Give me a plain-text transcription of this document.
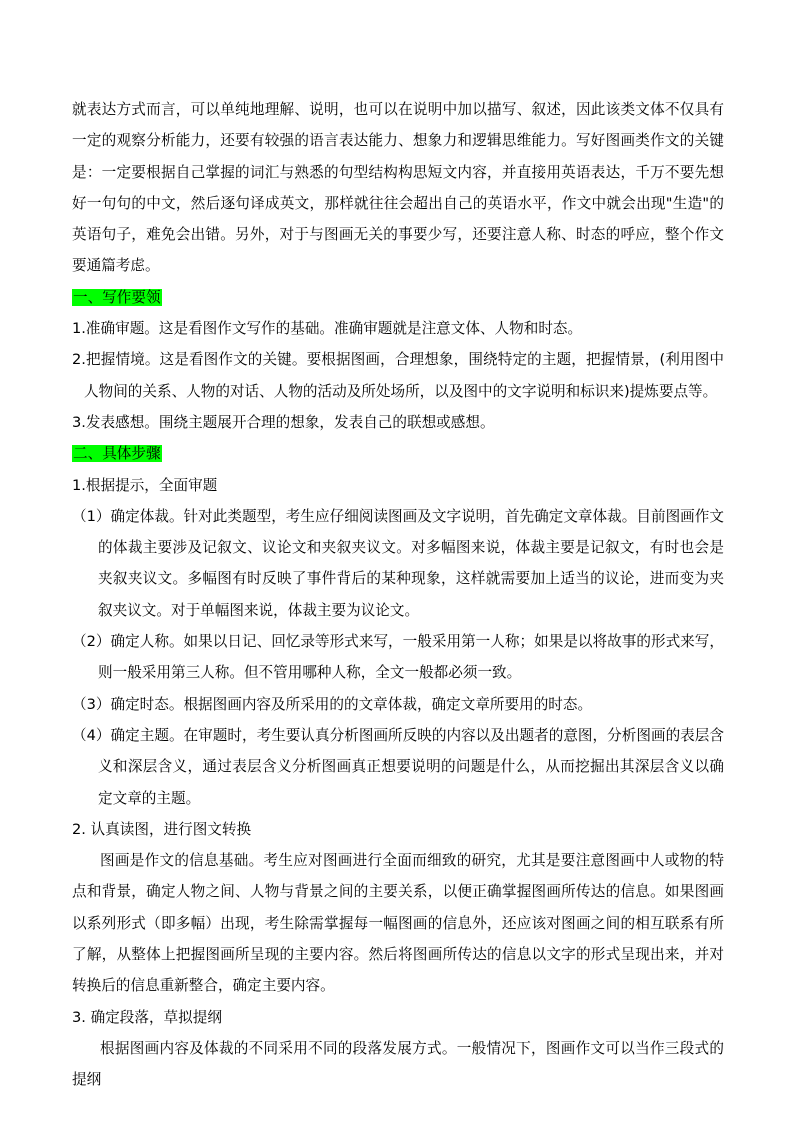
就表达方式而言，可以单纯地理解、说明，也可以在说明中加以描写、叙述，因此该类文体不仅具有一定的观察分析能力，还要有较强的语言表达能力、想象力和逻辑思维能力。写好图画类作文的关键是：一定要根据自己掌握的词汇与熟悉的句型结构构思短文内容，并直接用英语表达，千万不要先想好一句句的中文，然后逐句译成英文，那样就往往会超出自己的英语水平，作文中就会出现"生造"的英语句子，难免会出错。另外，对于与图画无关的事要少写，还要注意人称、时态的呼应，整个作文要通篇考虑。

一、写作要领

1.准确审题。这是看图作文写作的基础。准确审题就是注意文体、人物和时态。

2.把握情境。这是看图作文的关键。要根据图画，合理想象，围绕特定的主题，把握情景，(利用图中人物间的关系、人物的对话、人物的活动及所处场所，以及图中的文字说明和标识来)提炼要点等。

3.发表感想。围绕主题展开合理的想象，发表自己的联想或感想。

二、具体步骤

1.根据提示，全面审题

（1）确定体裁。针对此类题型，考生应仔细阅读图画及文字说明，首先确定文章体裁。目前图画作文的体裁主要涉及记叙文、议论文和夹叙夹议文。对多幅图来说，体裁主要是记叙文，有时也会是夹叙夹议文。多幅图有时反映了事件背后的某种现象，这样就需要加上适当的议论，进而变为夹叙夹议文。对于单幅图来说，体裁主要为议论文。

（2）确定人称。如果以日记、回忆录等形式来写，一般采用第一人称；如果是以将故事的形式来写，则一般采用第三人称。但不管用哪种人称，全文一般都必须一致。

（3）确定时态。根据图画内容及所采用的的文章体裁，确定文章所要用的时态。

（4）确定主题。在审题时，考生要认真分析图画所反映的内容以及出题者的意图，分析图画的表层含义和深层含义，通过表层含义分析图画真正想要说明的问题是什么，从而挖掘出其深层含义以确定文章的主题。

2. 认真读图，进行图文转换

图画是作文的信息基础。考生应对图画进行全面而细致的研究，尤其是要注意图画中人或物的特点和背景，确定人物之间、人物与背景之间的主要关系，以便正确掌握图画所传达的信息。如果图画以系列形式（即多幅）出现，考生除需掌握每一幅图画的信息外，还应该对图画之间的相互联系有所了解，从整体上把握图画所呈现的主要内容。然后将图画所传达的信息以文字的形式呈现出来，并对转换后的信息重新整合，确定主要内容。

3. 确定段落，草拟提纲

根据图画内容及体裁的不同采用不同的段落发展方式。一般情况下，图画作文可以当作三段式的提纲
